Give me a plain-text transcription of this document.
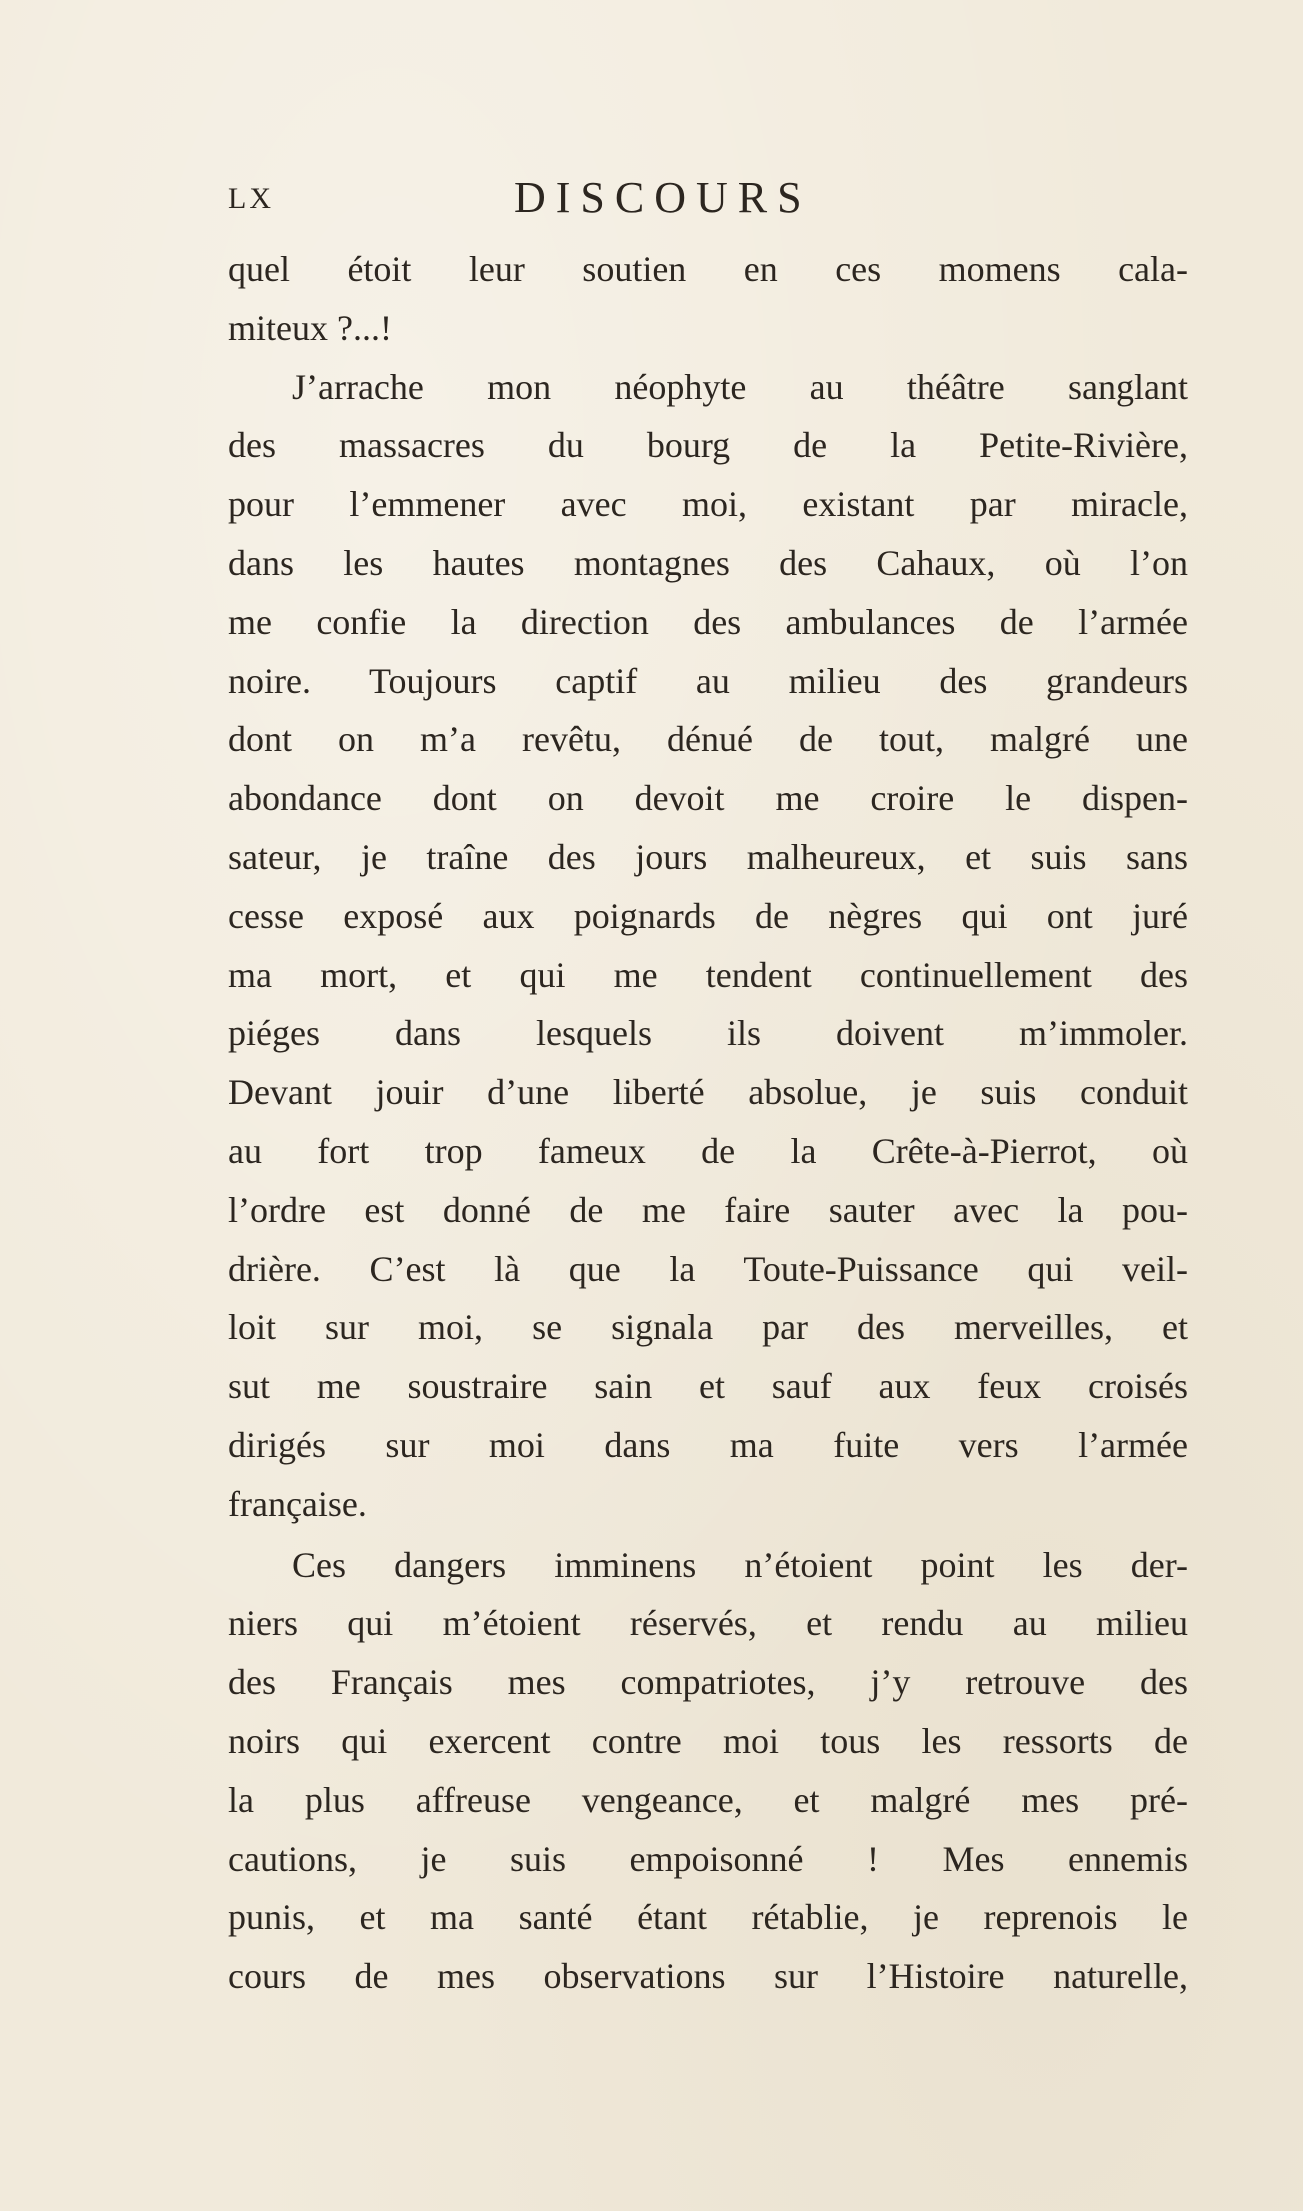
LX	DISCOURS
quel étoit leur soutien en ces momens cala-
miteux ?...!
J’arrache mon néophyte au théâtre sanglant
des massacres du bourg de la Petite-Rivière,
pour l’emmener avec moi, existant par miracle,
dans les hautes montagnes des Cahaux, où l’on
me confie la direction des ambulances de l’armée
noire. Toujours captif au milieu des grandeurs
dont on m’a revêtu, dénué de tout, malgré une
abondance dont on devoit me croire le dispen-
sateur, je traîne des jours malheureux, et suis sans
cesse exposé aux poignards de nègres qui ont juré
ma mort, et qui me tendent continuellement des
piéges dans lesquels ils doivent m’immoler.
Devant jouir d’une liberté absolue, je suis conduit
au fort trop fameux de la Crête-à-Pierrot, où
l’ordre est donné de me faire sauter avec la pou-
drière. C’est là que la Toute-Puissance qui veil-
loit sur moi, se signala par des merveilles, et
sut me soustraire sain et sauf aux feux croisés
dirigés sur moi dans ma fuite vers l’armée
française.
Ces dangers imminens n’étoient point les der-
niers qui m’étoient réservés, et rendu au milieu
des Français mes compatriotes, j’y retrouve des
noirs qui exercent contre moi tous les ressorts de
la plus affreuse vengeance, et malgré mes pré-
cautions, je suis empoisonné ! Mes ennemis
punis, et ma santé étant rétablie, je reprenois le
cours de mes observations sur l’Histoire naturelle,
